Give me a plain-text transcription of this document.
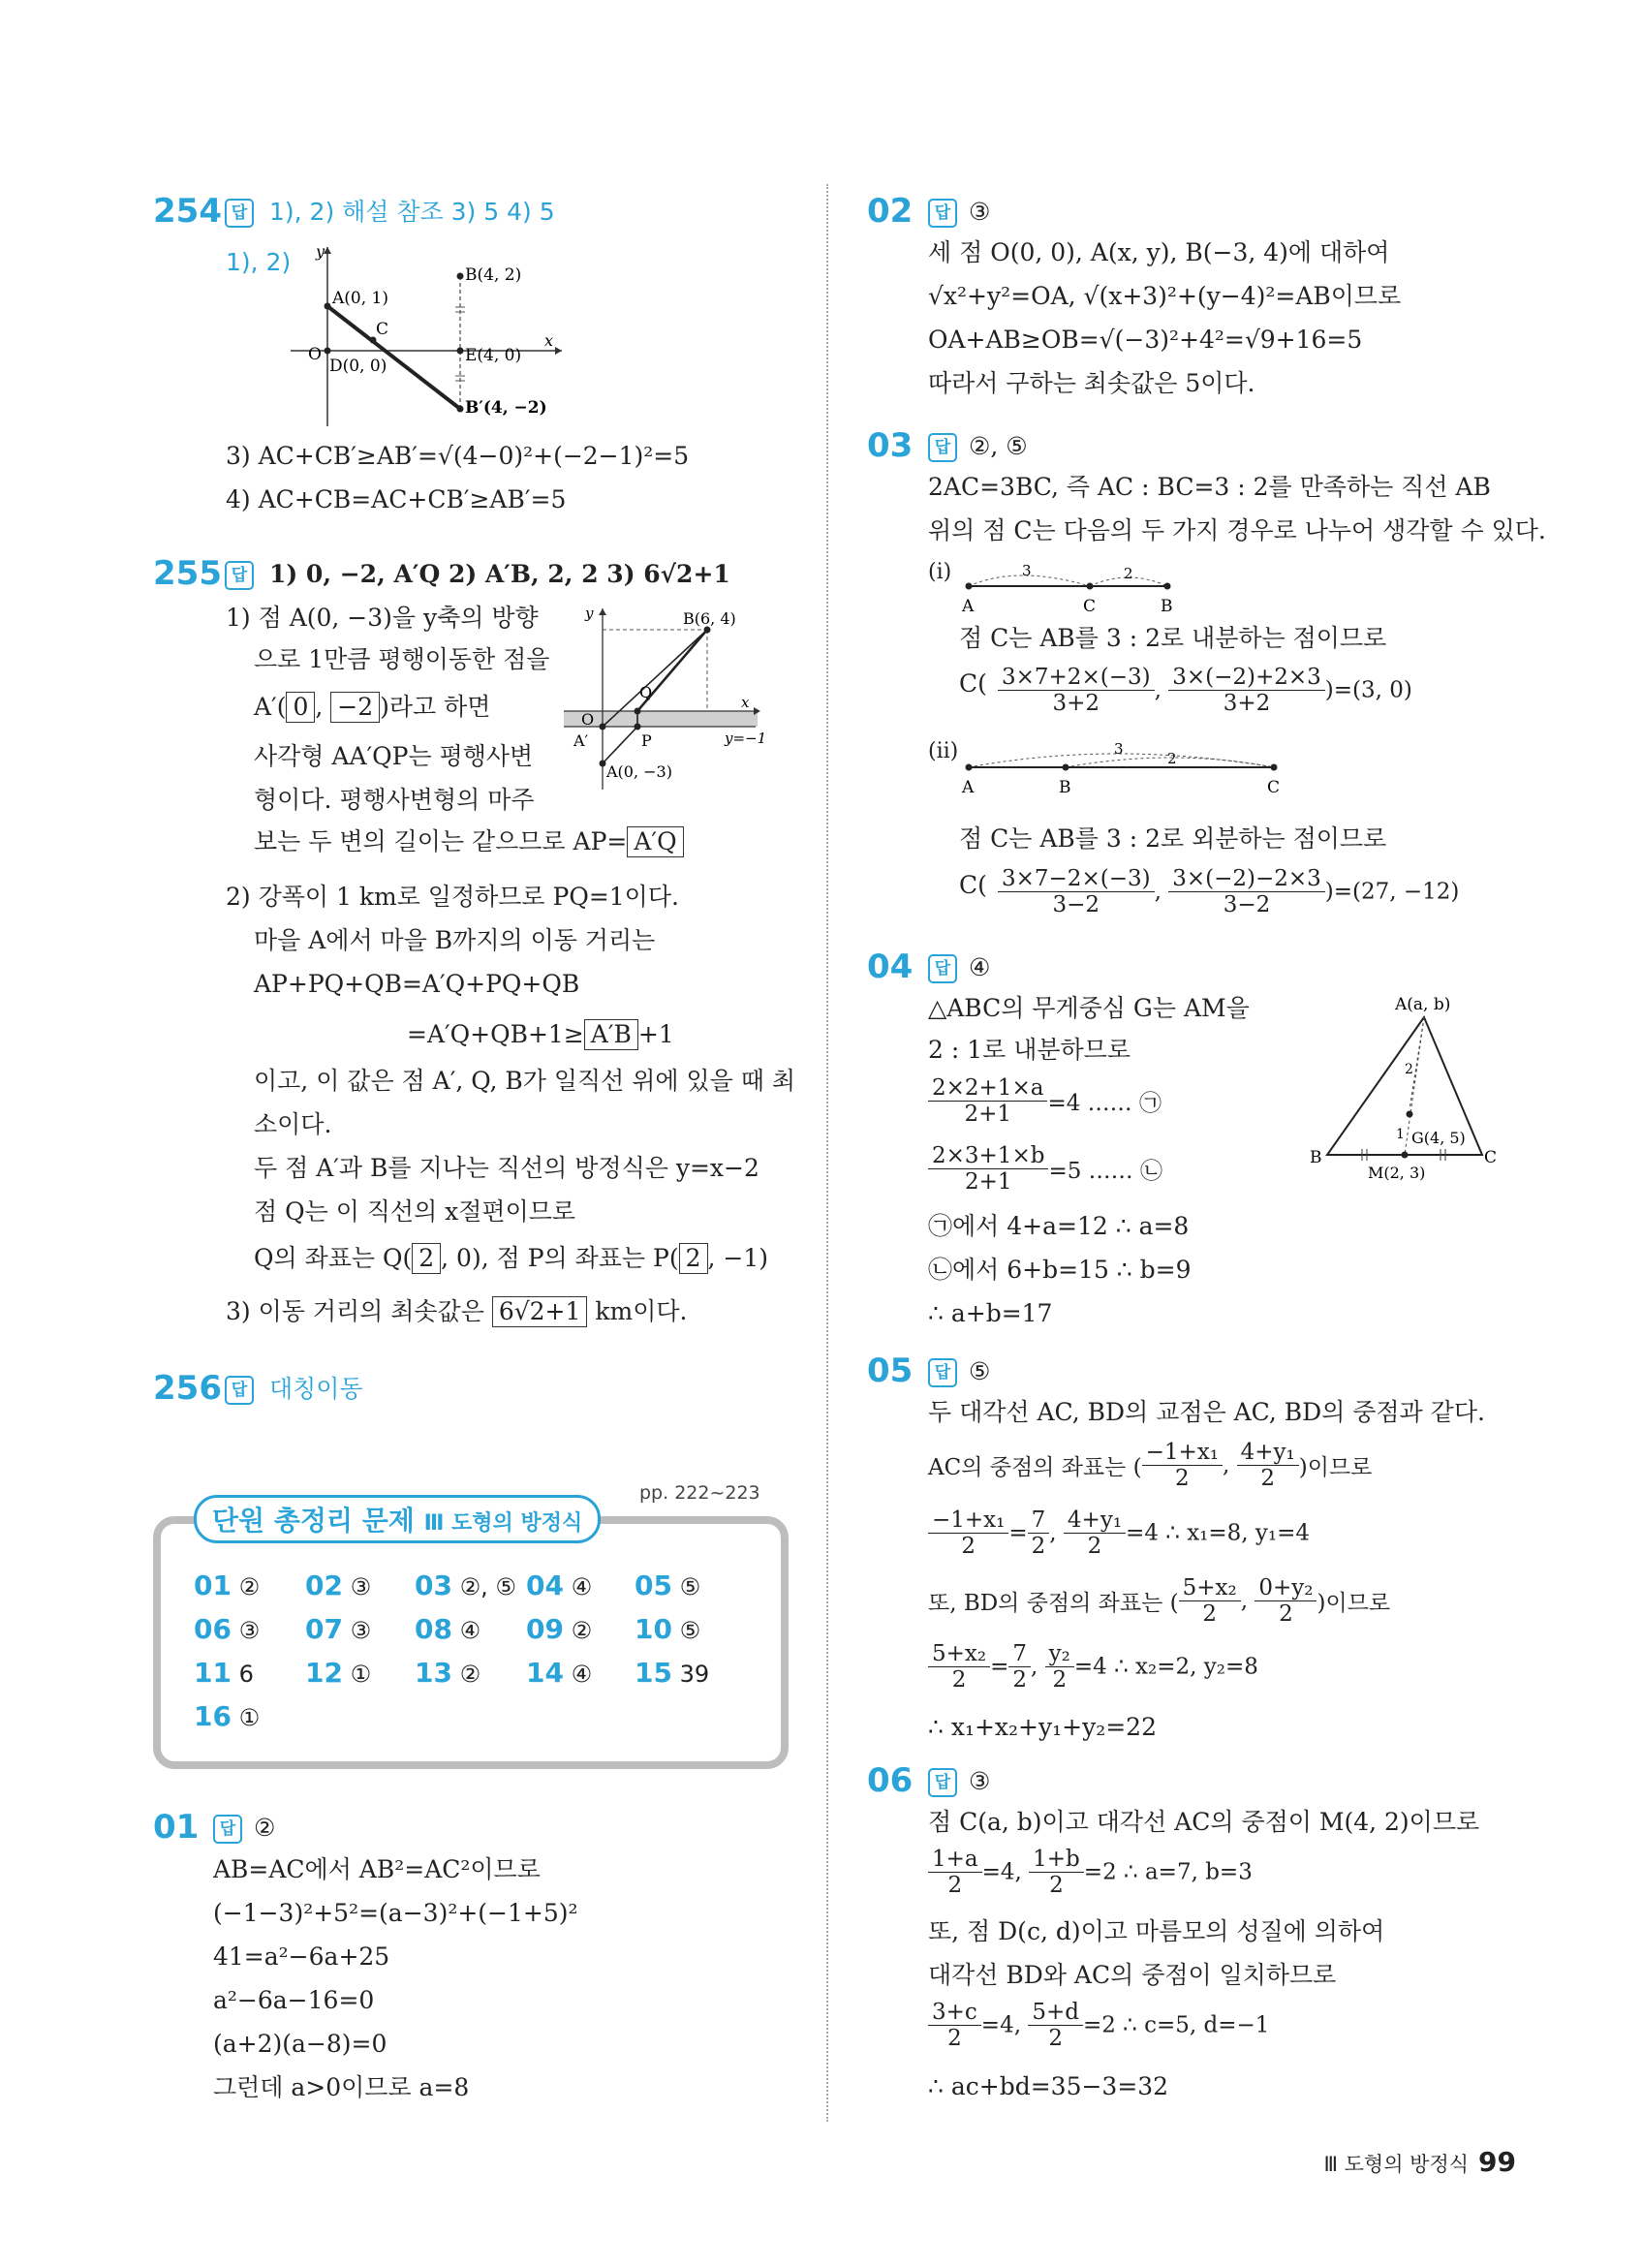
254 답 1), 2) 해설 참조 3) 5 4) 5
1), 2) y
x
O
A(0, 1)
B(4, 2)
C
D(0, 0)
E(4, 0)
B′(4, −2)
3) AC+CB′≥AB′=√(4−0)²+(−2−1)²=5
4) AC+CB=AC+CB′≥AB′=5
255 답 1) 0, −2, A′Q 2) A′B, 2, 2 3) 6√2+1
1) 점 A(0, −3)을 y축의 방향
으로 1만큼 평행이동한 점을
A′( 0 , −2 )라고 하면
사각형 AA′QP는 평행사변
형이다. 평행사변형의 마주
보는 두 변의 길이는 같으므로 AP= A′Q
y
x
O
B(6, 4)
Q
P
A′
A(0, −3)
y=−1
2) 강폭이 1 km로 일정하므로 PQ=1이다.
마을 A에서 마을 B까지의 이동 거리는
AP+PQ+QB=A′Q+PQ+QB
=A′Q+QB+1≥ A′B +1
이고, 이 값은 점 A′, Q, B가 일직선 위에 있을 때 최
소이다.
두 점 A′과 B를 지나는 직선의 방정식은 y=x−2
점 Q는 이 직선의 x절편이므로
Q의 좌표는 Q( 2 , 0), 점 P의 좌표는 P( 2 , −1)
3) 이동 거리의 최솟값은 6√2+1 km이다.
256 답 대칭이동
단원 총정리 문제 Ⅲ 도형의 방정식
pp. 222~223
01 ② 02 ③ 03 ②, ⑤ 04 ④ 05 ⑤
06 ③ 07 ③ 08 ④ 09 ② 10 ⑤
11 6 12 ① 13 ② 14 ④ 15 39
16 ①
01	답 ②
AB=AC에서 AB²=AC²이므로
(−1−3)²+5²=(a−3)²+(−1+5)²
41=a²−6a+25
a²−6a−16=0
(a+2)(a−8)=0
그런데 a>0이므로 a=8
02	답 ③
세 점 O(0, 0), A(x, y), B(−3, 4)에 대하여
√x²+y²=OA, √(x+3)²+(y−4)²=AB이므로
OA+AB≥OB=√(−3)²+4²=√9+16=5
따라서 구하는 최솟값은 5이다.
03	답 ②, ⑤
2AC=3BC, 즉 AC : BC=3 : 2를 만족하는 직선 AB
위의 점 C는 다음의 두 가지 경우로 나누어 생각할 수 있다.
(ⅰ)	3	2
A	C	B
점 C는 AB를 3 : 2로 내분하는 점이므로
$C( \frac{3\times 7+2\times(-3)}{3+2}$ , $\frac{3\times(-2)+2\times 3}{3+2} )=(3$, 0)
(ⅱ)	3
2
A	B	C
점 C는 AB를 3 : 2로 외분하는 점이므로
$C( \frac{3\times 7-2\times(-3)}{3-2}$ , $\frac{3\times(-2)-2\times 3}{3-2} )=(27$, −12)
04	답 ④
△ABC의 무게중심 G는 AM을
2 : 1로 내분하므로
$\frac{2\times 2+1\times a}{2+1} =4$ …… ㉠
$\frac{2\times 3+1\times b}{2+1} =5$ …… ㉡
㉠에서 4+a=12 ∴ a=8
㉡에서 6+b=15 ∴ b=9
∴ a+b=17
A(a, b)
B	C
G(4, 5)
M(2, 3)
2
1
05	답 ⑤
두 대각선 AC, BD의 교점은 AC, BD의 중점과 같다.
AC의 중점의 좌표는 ( $\frac{\text{−1+x₁}}{2}$ , $\frac{\text{4+y₁}}{2}$ )이므로
$\frac{\text{−1+x₁}}{2} = \frac{7}{2}$ , $\frac{\text{4+y₁}}{2} =4$ ∴ x₁=8, y₁=4
또, BD의 중점의 좌표는 ( $\frac{\text{5+x₂}}{2}$ , $\frac{\text{0+y₂}}{2}$ )이므로
$\frac{\text{5+x₂}}{2} = \frac{7}{2}$ , $\frac{\text{y₂}}{2} =4$ ∴ x₂=2, y₂=8
∴ x₁+x₂+y₁+y₂=22
06	답 ③
점 C(a, b)이고 대각선 AC의 중점이 M(4, 2)이므로
$\frac{1+a}{2} =4$, $\frac{1+b}{2} =2$ ∴ a=7, b=3
또, 점 D(c, d)이고 마름모의 성질에 의하여
대각선 BD와 AC의 중점이 일치하므로
$\frac{3+c}{2} =4$, $\frac{5+d}{2} =2$ ∴ c=5, d=−1
∴ ac+bd=35−3=32
Ⅲ 도형의 방정식 99
